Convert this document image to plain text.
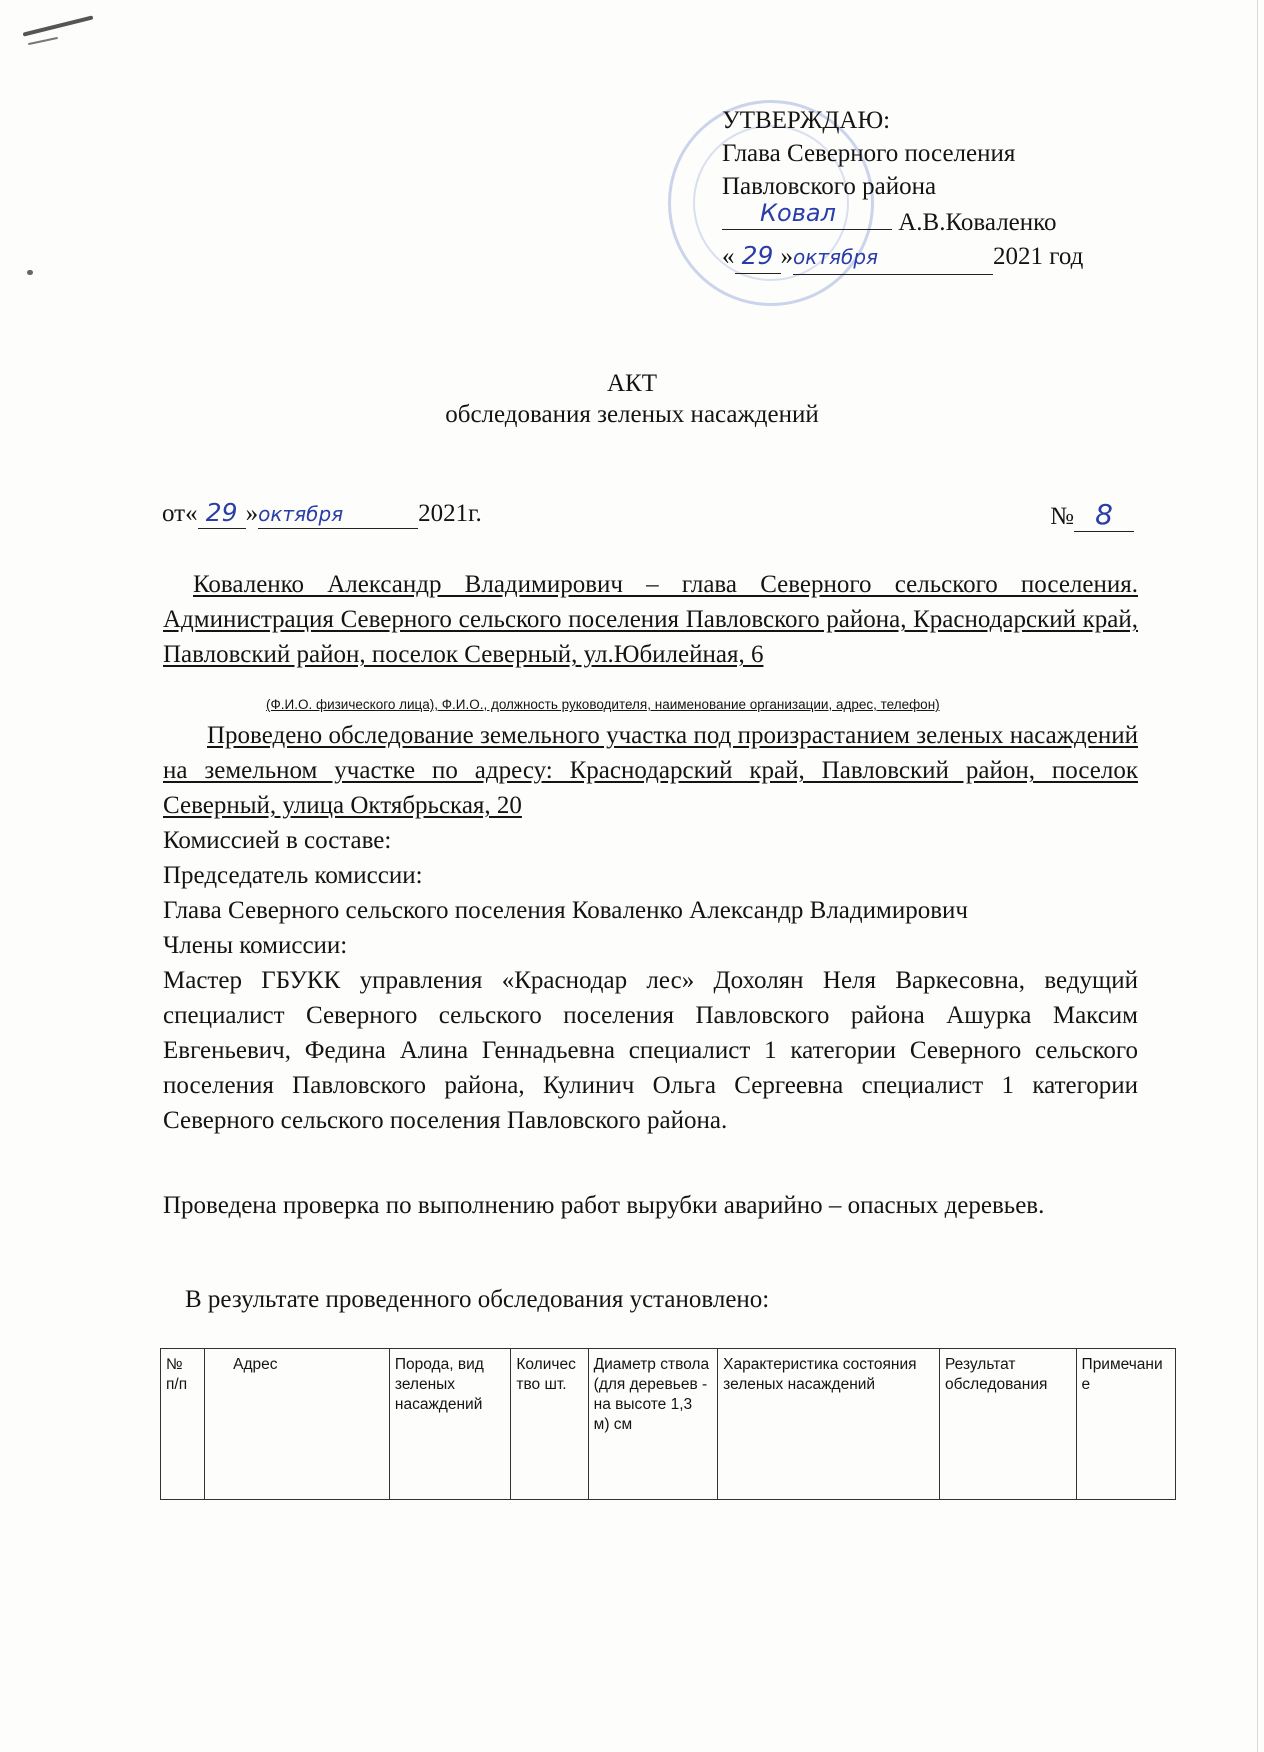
УТВЕРЖДАЮ:
Глава Северного поселения
Павловского района
Ковал А.В.Коваленко
« 29 »октября	2021 год
АКТ
обследования зеленых насаждений
от« 29 »октября	2021г.	№ 8
Коваленко Александр Владимирович – глава Северного сельского поселения. Администрация Северного сельского поселения Павловского района, Краснодарский край, Павловский район, поселок Северный, ул.Юбилейная, 6
(Ф.И.О. физического лица), Ф.И.О., должность руководителя, наименование организации, адрес, телефон)
Проведено обследование земельного участка под произрастанием зеленых насаждений на земельном участке по адресу: Краснодарский край, Павловский район, поселок Северный, улица Октябрьская, 20
Комиссией в составе:
Председатель комиссии:
Глава Северного сельского поселения Коваленко Александр Владимирович
Члены комиссии:
Мастер ГБУКК управления «Краснодар лес» Дохолян Неля Варкесовна, ведущий специалист Северного сельского поселения Павловского района Ашурка Максим Евгеньевич, Федина Алина Геннадьевна специалист 1 категории Северного сельского поселения Павловского района, Кулинич Ольга Сергеевна специалист 1 категории Северного сельского поселения Павловского района.
Проведена проверка по выполнению работ вырубки аварийно – опасных деревьев.
В результате проведенного обследования установлено:
№ п/п	Адрес	Порода, вид зеленых насаждений	Количество шт.	Диаметр ствола (для деревьев - на высоте 1,3 м) см	Характеристика состояния зеленых насаждений	Результат обследования	Примечание
